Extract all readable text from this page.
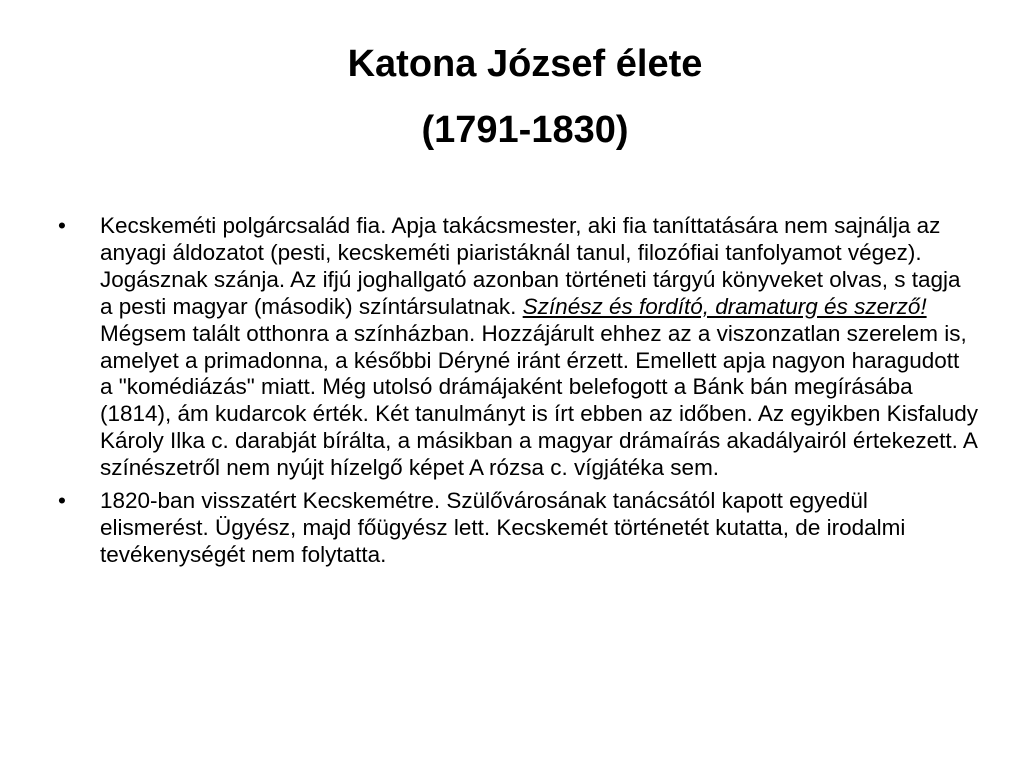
Katona József élete
(1791-1830)
•	Kecskeméti polgárcsalád fia. Apja takácsmester, aki fia taníttatására nem sajnálja az anyagi áldozatot (pesti, kecskeméti piaristáknál tanul, filozófiai tanfolyamot végez). Jogásznak szánja. Az ifjú joghallgató azonban történeti tárgyú könyveket olvas, s tagja a pesti magyar (második) színtársulatnak. Színész és fordító, dramaturg és szerző! Mégsem talált otthonra a színházban. Hozzájárult ehhez az a viszonzatlan szerelem is, amelyet a primadonna, a későbbi Déryné iránt érzett. Emellett apja nagyon haragudott a "komédiázás" miatt. Még utolsó drámájaként belefogott a Bánk bán megírásába (1814), ám kudarcok érték. Két tanulmányt is írt ebben az időben. Az egyikben Kisfaludy Károly Ilka c. darabját bírálta, a másikban a magyar drámaírás akadályairól értekezett. A színészetről nem nyújt hízelgő képet A rózsa c. vígjátéka sem.
•	1820-ban visszatért Kecskemétre. Szülővárosának tanácsától kapott egyedül elismerést. Ügyész, majd főügyész lett. Kecskemét történetét kutatta, de irodalmi tevékenységét nem folytatta.
